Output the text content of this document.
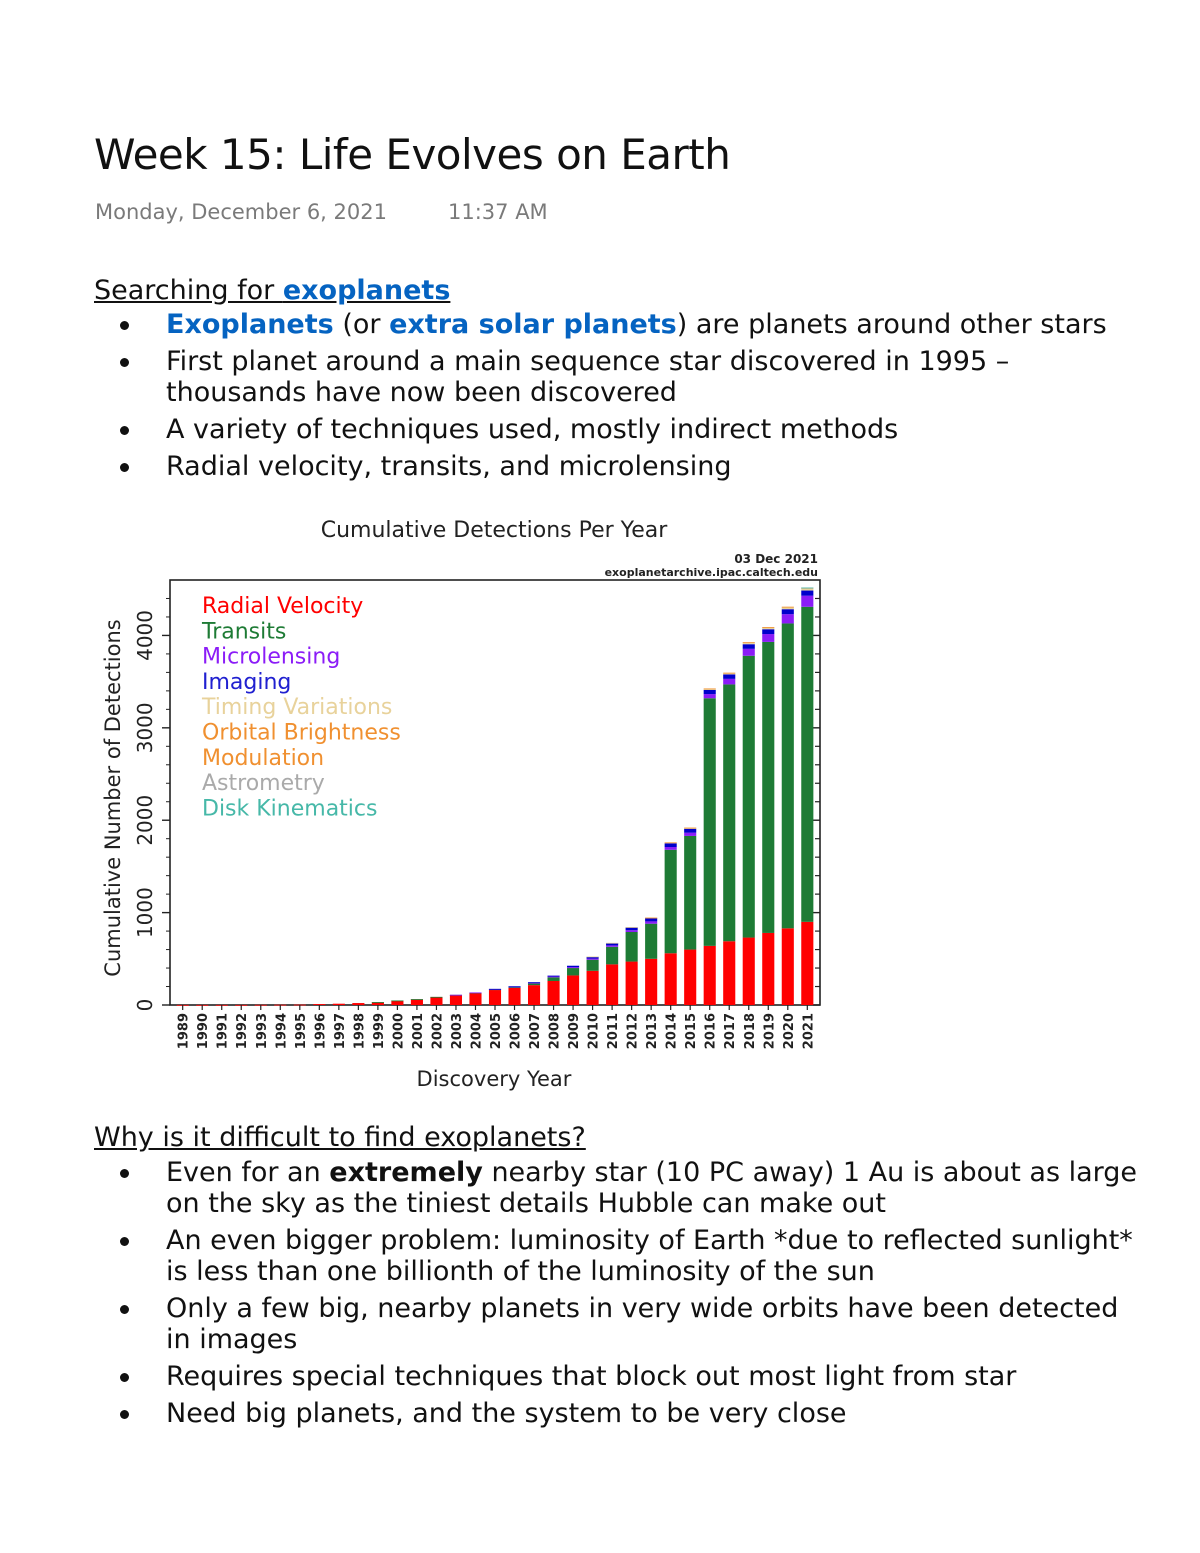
Week 15: Life Evolves on Earth
Monday, December 6, 2021	11:37 AM
Searching for exoplanets
Exoplanets (or extra solar planets) are planets around other stars
First planet around a main sequence star discovered in 1995 – thousands have now been discovered
A variety of techniques used, mostly indirect methods
Radial velocity, transits, and microlensing
Cumulative Detections Per Year
03 Dec 2021
exoplanetarchive.ipac.caltech.edu
0
1000
2000
3000
4000
1989 1990 1991 1992 1993 1994 1995 1996 1997 1998 1999 2000 2001 2002 2003 2004 2005 2006 2007 2008 2009 2010 2011 2012 2013 2014 2015 2016 2017 2018 2019 2020 2021
Radial Velocity
Transits
Microlensing
Imaging
Timing Variations
Orbital Brightness
Modulation
Astrometry
Disk Kinematics
Discovery Year
Cumulative Number of Detections
Why is it difficult to find exoplanets?
Even for an extremely nearby star (10 PC away) 1 Au is about as large on the sky as the tiniest details Hubble can make out
An even bigger problem: luminosity of Earth *due to reflected sunlight* is less than one billionth of the luminosity of the sun
Only a few big, nearby planets in very wide orbits have been detected in images
Requires special techniques that block out most light from star
Need big planets, and the system to be very close
